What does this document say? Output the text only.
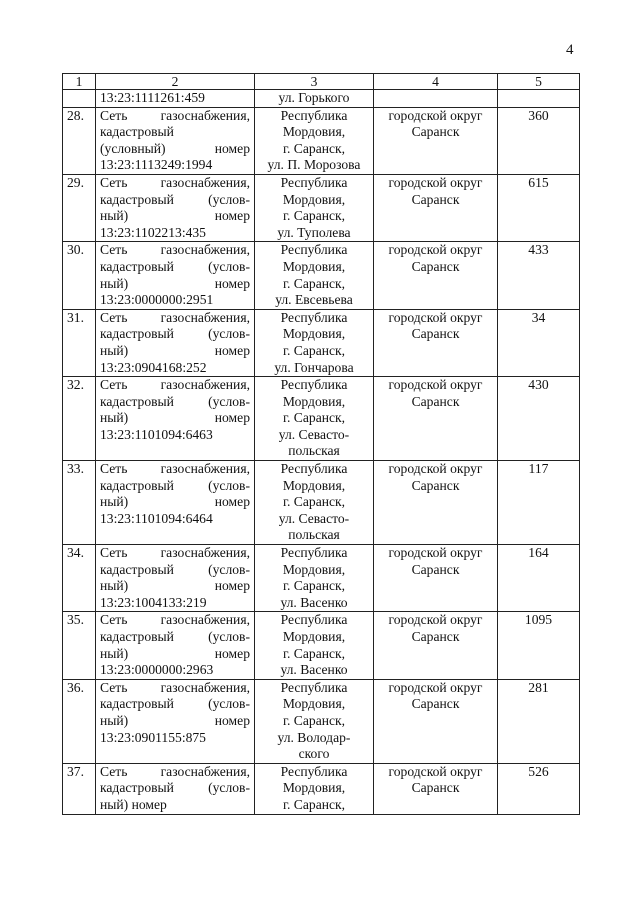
4
1	2	3	4	5

	13:23:1111261:459	ул. Горького		
28.	Сеть газоснабжения,
кадастровый
(условный) номер
13:23:1113249:1994	Республика
Мордовия,
г. Саранск,
ул. П. Морозова	городской округ
Саранск	360
29.	Сеть газоснабжения,
кадастровый (услов-
ный) номер
13:23:1102213:435	Республика
Мордовия,
г. Саранск,
ул. Туполева	городской округ
Саранск	615
30.	Сеть газоснабжения,
кадастровый (услов-
ный) номер
13:23:0000000:2951	Республика
Мордовия,
г. Саранск,
ул. Евсевьева	городской округ
Саранск	433
31.	Сеть газоснабжения,
кадастровый (услов-
ный) номер
13:23:0904168:252	Республика
Мордовия,
г. Саранск,
ул. Гончарова	городской округ
Саранск	34
32.	Сеть газоснабжения,
кадастровый (услов-
ный) номер
13:23:1101094:6463	Республика
Мордовия,
г. Саранск,
ул. Севасто-
польская	городской округ
Саранск	430
33.	Сеть газоснабжения,
кадастровый (услов-
ный) номер
13:23:1101094:6464	Республика
Мордовия,
г. Саранск,
ул. Севасто-
польская	городской округ
Саранск	117
34.	Сеть газоснабжения,
кадастровый (услов-
ный) номер
13:23:1004133:219	Республика
Мордовия,
г. Саранск,
ул. Васенко	городской округ
Саранск	164
35.	Сеть газоснабжения,
кадастровый (услов-
ный) номер
13:23:0000000:2963	Республика
Мордовия,
г. Саранск,
ул. Васенко	городской округ
Саранск	1095
36.	Сеть газоснабжения,
кадастровый (услов-
ный) номер
13:23:0901155:875	Республика
Мордовия,
г. Саранск,
ул. Володар-
ского	городской округ
Саранск	281
37.	Сеть газоснабжения,
кадастровый (услов-
ный) номер	Республика
Мордовия,
г. Саранск,	городской округ
Саранск	526
